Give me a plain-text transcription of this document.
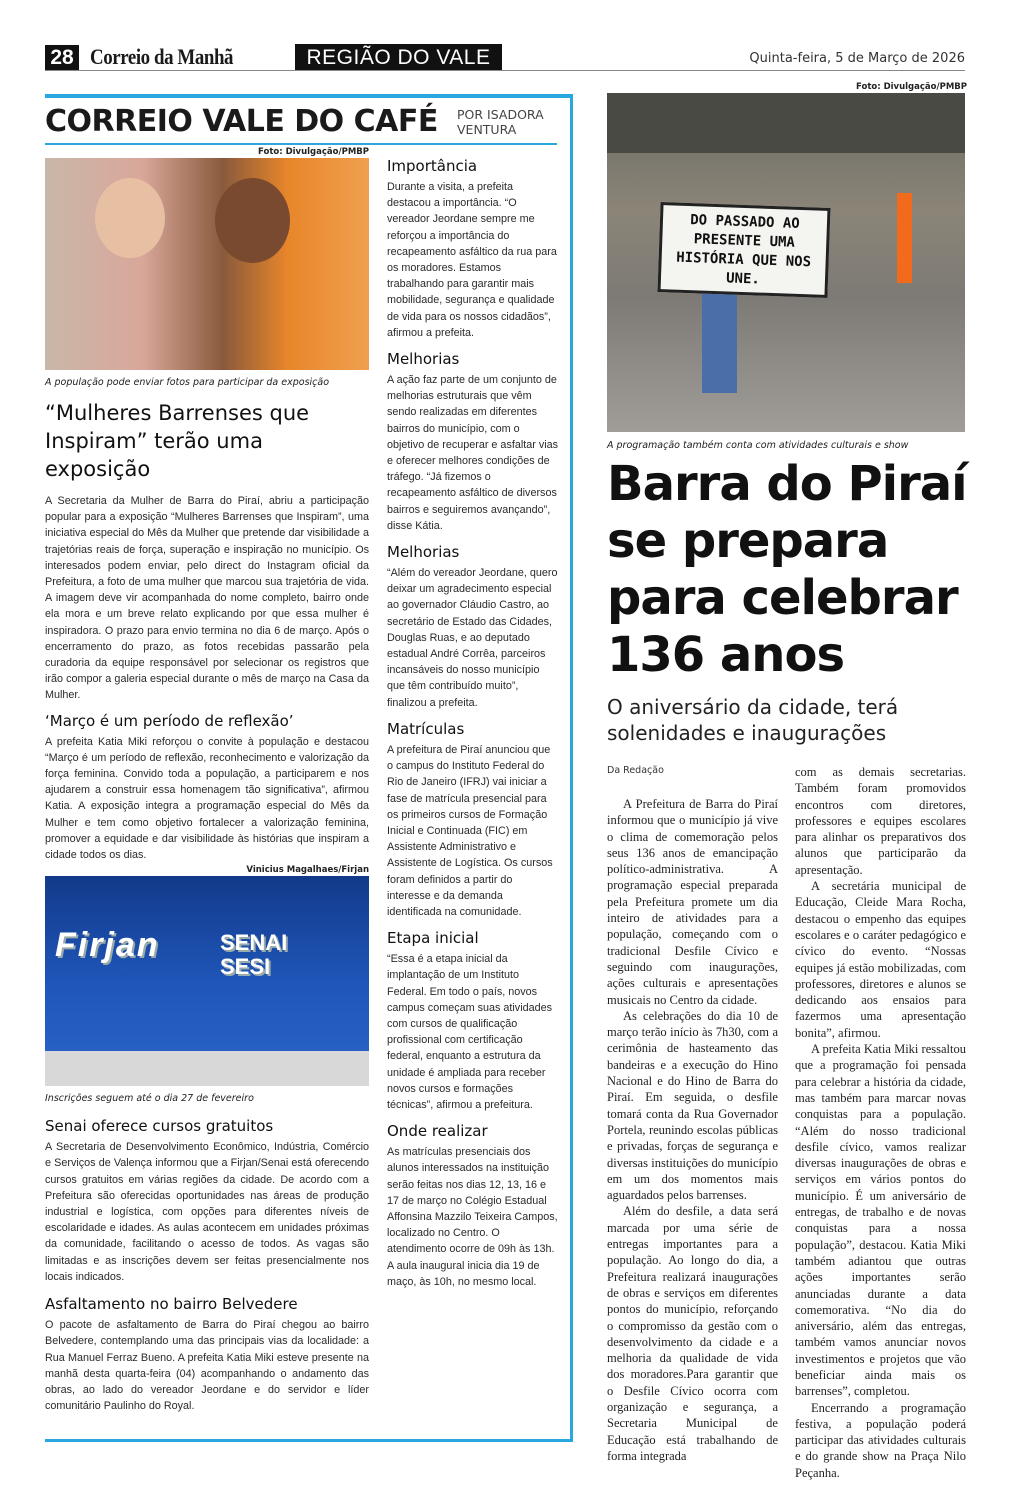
28 Correio da Manhã	REGIÃO DO VALE	Quinta-feira, 5 de Março de 2026
CORREIO VALE DO CAFÉ POR ISADORA VENTURA
Foto: Divulgação/PMBP
A população pode enviar fotos para participar da exposição
“Mulheres Barrenses que Inspiram” terão uma exposição
A Secretaria da Mulher de Barra do Piraí, abriu a participação popular para a exposição “Mulheres Barrenses que Inspiram”, uma iniciativa especial do Mês da Mulher que pretende dar visibilidade a trajetórias reais de força, superação e inspiração no município. Os interesados podem enviar, pelo direct do Instagram oficial da Prefeitura, a foto de uma mulher que marcou sua trajetória de vida. A imagem deve vir acompanhada do nome completo, bairro onde ela mora e um breve relato explicando por que essa mulher é inspiradora. O prazo para envio termina no dia 6 de março. Após o encerramento do prazo, as fotos recebidas passarão pela curadoria da equipe responsável por selecionar os registros que irão compor a galeria especial durante o mês de março na Casa da Mulher.
‘Março é um período de reflexão’
A prefeita Katia Miki reforçou o convite à população e destacou “Março é um período de reflexão, reconhecimento e valorização da força feminina. Convido toda a população, a participarem e nos ajudarem a construir essa homenagem tão significativa”, afirmou Katia. A exposição integra a programação especial do Mês da Mulher e tem como objetivo fortalecer a valorização feminina, promover a equidade e dar visibilidade às histórias que inspiram a cidade todos os dias.
Vinicius Magalhaes/Firjan
Firjan	SENAI
SESI
Inscrições seguem até o dia 27 de fevereiro
Senai oferece cursos gratuitos
A Secretaria de Desenvolvimento Econômico, Indústria, Comércio e Serviços de Valença informou que a Firjan/Senai está oferecendo cursos gratuitos em várias regiões da cidade. De acordo com a Prefeitura são oferecidas oportunidades nas áreas de produção industrial e logística, com opções para diferentes níveis de escolaridade e idades. As aulas acontecem em unidades próximas da comunidade, facilitando o acesso de todos. As vagas são limitadas e as inscrições devem ser feitas presencialmente nos locais indicados.
Asfaltamento no bairro Belvedere
O pacote de asfaltamento de Barra do Piraí chegou ao bairro Belvedere, contemplando uma das principais vias da localidade: a Rua Manuel Ferraz Bueno. A prefeita Katia Miki esteve presente na manhã desta quarta-feira (04) acompanhando o andamento das obras, ao lado do vereador Jeordane e do servidor e líder comunitário Paulinho do Royal.
Importância
Durante a visita, a prefeita destacou a importância. “O vereador Jeordane sempre me reforçou a importância do recapeamento asfáltico da rua para os moradores. Estamos trabalhando para garantir mais mobilidade, segurança e qualidade de vida para os nossos cidadãos”, afirmou a prefeita.
Melhorias
A ação faz parte de um conjunto de melhorias estruturais que vêm sendo realizadas em diferentes bairros do município, com o objetivo de recuperar e asfaltar vias e oferecer melhores condições de tráfego. “Já fizemos o recapeamento asfáltico de diversos bairros e seguiremos avançando”, disse Kátia.
Melhorias
“Além do vereador Jeordane, quero deixar um agradecimento especial ao governador Cláudio Castro, ao secretário de Estado das Cidades, Douglas Ruas, e ao deputado estadual André Corrêa, parceiros incansáveis do nosso município que têm contribuído muito”, finalizou a prefeita.
Matrículas
A prefeitura de Piraí anunciou que o campus do Instituto Federal do Rio de Janeiro (IFRJ) vai iniciar a fase de matrícula presencial para os primeiros cursos de Formação Inicial e Continuada (FIC) em Assistente Administrativo e Assistente de Logística. Os cursos foram definidos a partir do interesse e da demanda identificada na comunidade.
Etapa inicial
“Essa é a etapa inicial da implantação de um Instituto Federal. Em todo o país, novos campus começam suas atividades com cursos de qualificação profissional com certificação federal, enquanto a estrutura da unidade é ampliada para receber novos cursos e formações técnicas”, afirmou a prefeitura.
Onde realizar
As matrículas presenciais dos alunos interessados na instituição serão feitas nos dias 12, 13, 16 e 17 de março no Colégio Estadual Affonsina Mazzilo Teixeira Campos, localizado no Centro. O atendimento ocorre de 09h às 13h. A aula inaugural inicia dia 19 de maço, às 10h, no mesmo local.
Foto: Divulgação/PMBP
DO PASSADO AO PRESENTE UMA HISTÓRIA QUE NOS UNE.
A programação também conta com atividades culturais e show
Barra do Piraí se prepara para celebrar 136 anos
O aniversário da cidade, terá solenidades e inaugurações
Da Redação

A Prefeitura de Barra do Piraí informou que o município já vive o clima de comemoração pelos seus 136 anos de emancipação político-administrativa. A programação especial preparada pela Prefeitura promete um dia inteiro de atividades para a população, começando com o tradicional Desfile Cívico e seguindo com inaugurações, ações culturais e apresentações musicais no Centro da cidade.

As celebrações do dia 10 de março terão início às 7h30, com a cerimônia de hasteamento das bandeiras e a execução do Hino Nacional e do Hino de Barra do Piraí. Em seguida, o desfile tomará conta da Rua Governador Portela, reunindo escolas públicas e privadas, forças de segurança e diversas instituições do município em um dos momentos mais aguardados pelos barrenses.

Além do desfile, a data será marcada por uma série de entregas importantes para a população. Ao longo do dia, a Prefeitura realizará inaugurações de obras e serviços em diferentes pontos do município, reforçando o compromisso da gestão com o desenvolvimento da cidade e a melhoria da qualidade de vida dos moradores.Para garantir que o Desfile Cívico ocorra com organização e segurança, a Secretaria Municipal de Educação está trabalhando de forma integrada

com as demais secretarias. Também foram promovidos encontros com diretores, professores e equipes escolares para alinhar os preparativos dos alunos que participarão da apresentação.

A secretária municipal de Educação, Cleide Mara Rocha, destacou o empenho das equipes escolares e o caráter pedagógico e cívico do evento. “Nossas equipes já estão mobilizadas, com professores, diretores e alunos se dedicando aos ensaios para fazermos uma apresentação bonita”, afirmou.

A prefeita Katia Miki ressaltou que a programação foi pensada para celebrar a história da cidade, mas também para marcar novas conquistas para a população. “Além do nosso tradicional desfile cívico, vamos realizar diversas inaugurações de obras e serviços em vários pontos do município. É um aniversário de entregas, de trabalho e de novas conquistas para a nossa população”, destacou. Katia Miki também adiantou que outras ações importantes serão anunciadas durante a data comemorativa. “No dia do aniversário, além das entregas, também vamos anunciar novos investimentos e projetos que vão beneficiar ainda mais os barrenses”, completou.

Encerrando a programação festiva, a população poderá participar das atividades culturais e do grande show na Praça Nilo Peçanha.
